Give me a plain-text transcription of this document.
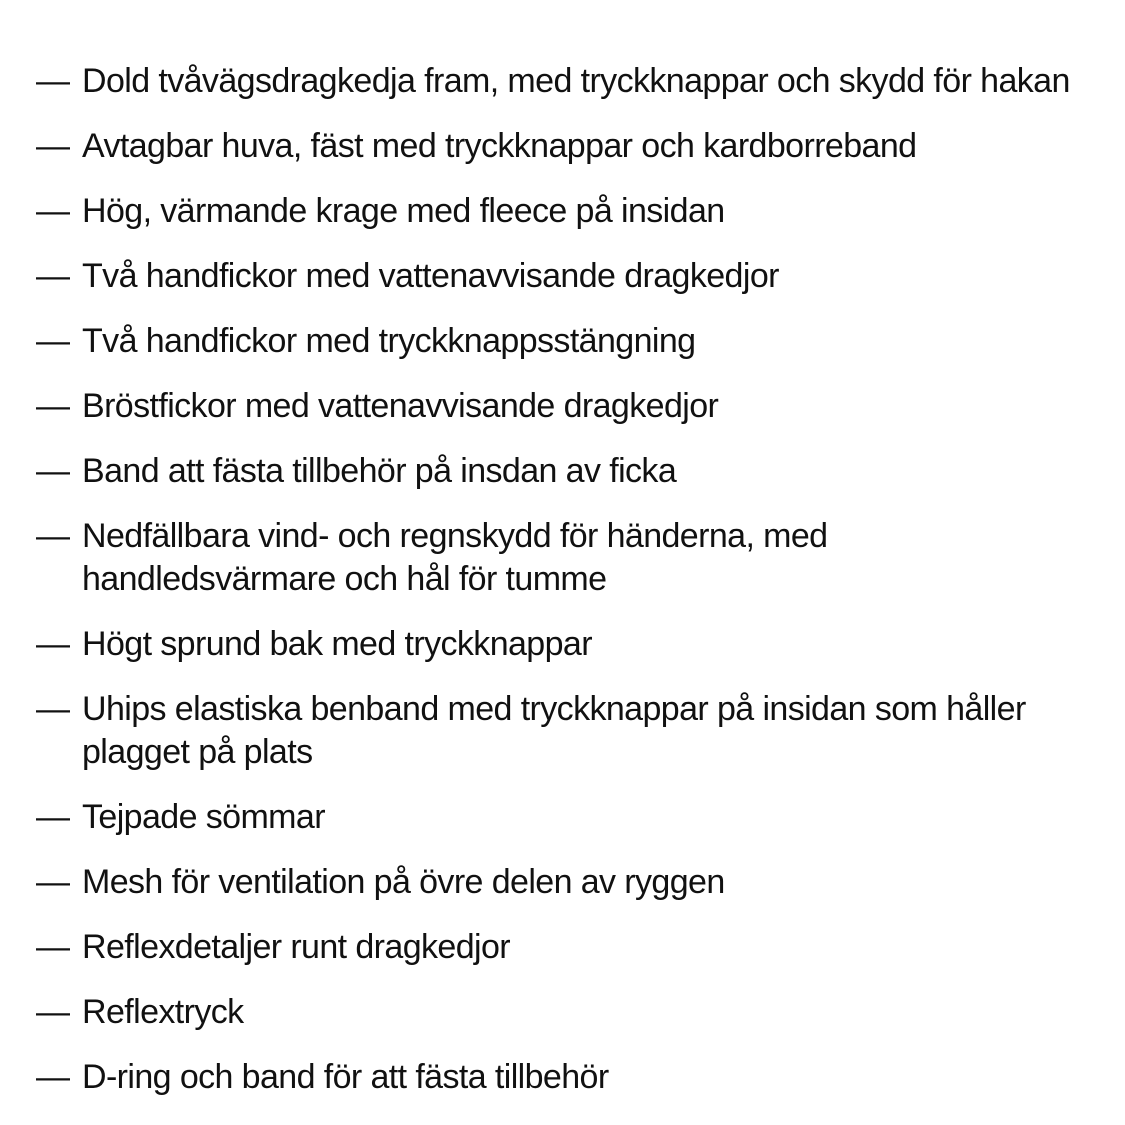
— Dold tvåvägsdragkedja fram, med tryckknappar och skydd för hakan
— Avtagbar huva, fäst med tryckknappar och kardborreband
— Hög, värmande krage med fleece på insidan
— Två handfickor med vattenavvisande dragkedjor
— Två handfickor med tryckknappsstängning
— Bröstfickor med vattenavvisande dragkedjor
— Band att fästa tillbehör på insdan av ficka
— Nedfällbara vind- och regnskydd för händerna, med handledsvärmare och hål för tumme
— Högt sprund bak med tryckknappar
— Uhips elastiska benband med tryckknappar på insidan som håller plagget på plats
— Tejpade sömmar
— Mesh för ventilation på övre delen av ryggen
— Reflexdetaljer runt dragkedjor
— Reflextryck
— D-ring och band för att fästa tillbehör
